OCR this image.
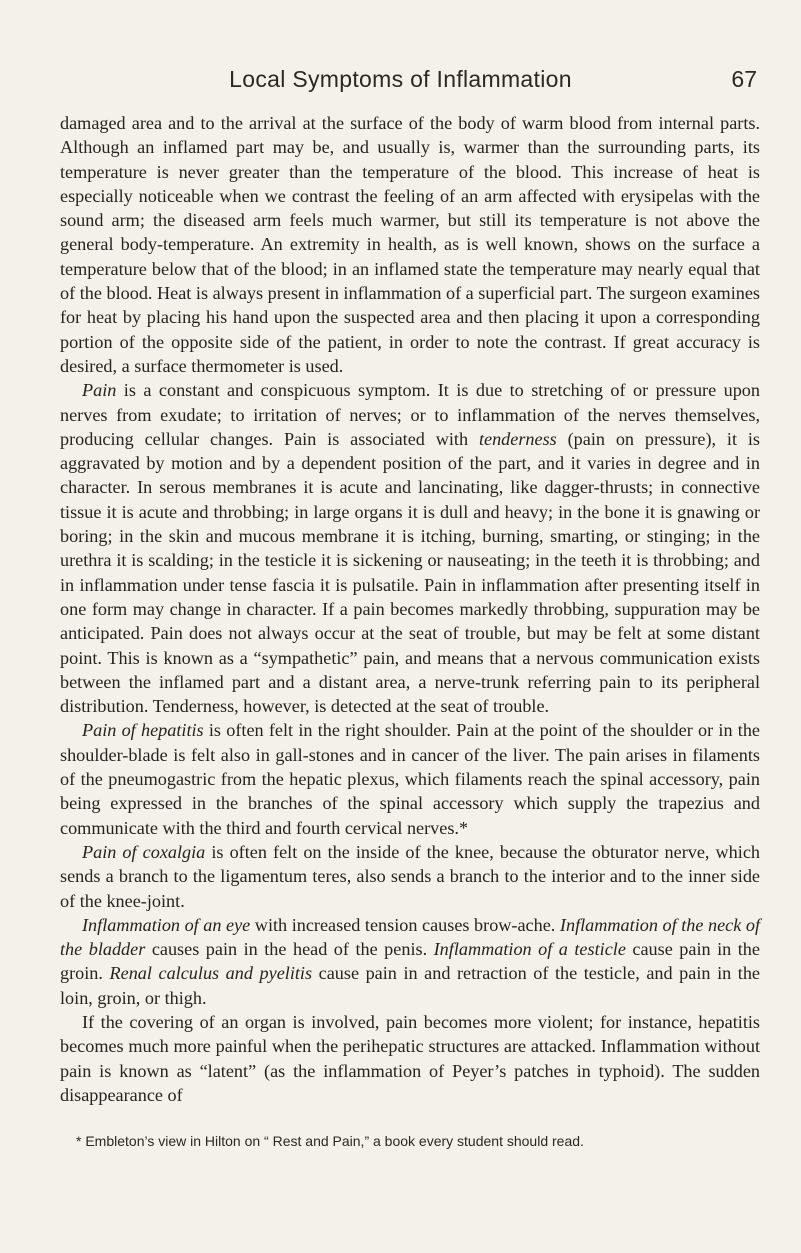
Local Symptoms of Inflammation	67

damaged area and to the arrival at the surface of the body of warm blood from internal parts. Although an inflamed part may be, and usually is, warmer than the surrounding parts, its temperature is never greater than the temperature of the blood. This increase of heat is especially noticeable when we contrast the feeling of an arm affected with erysipelas with the sound arm; the diseased arm feels much warmer, but still its temperature is not above the general body-temperature. An extremity in health, as is well known, shows on the surface a temperature below that of the blood; in an inflamed state the temperature may nearly equal that of the blood. Heat is always present in inflammation of a superficial part. The surgeon examines for heat by placing his hand upon the suspected area and then placing it upon a corresponding portion of the opposite side of the patient, in order to note the contrast. If great accuracy is desired, a surface thermometer is used.

Pain is a constant and conspicuous symptom. It is due to stretching of or pressure upon nerves from exudate; to irritation of nerves; or to inflammation of the nerves themselves, producing cellular changes. Pain is associated with tenderness (pain on pressure), it is aggravated by motion and by a dependent position of the part, and it varies in degree and in character. In serous membranes it is acute and lancinating, like dagger-thrusts; in connective tissue it is acute and throbbing; in large organs it is dull and heavy; in the bone it is gnawing or boring; in the skin and mucous membrane it is itching, burning, smarting, or stinging; in the urethra it is scalding; in the testicle it is sickening or nauseating; in the teeth it is throbbing; and in inflammation under tense fascia it is pulsatile. Pain in inflammation after presenting itself in one form may change in character. If a pain becomes markedly throbbing, suppuration may be anticipated. Pain does not always occur at the seat of trouble, but may be felt at some distant point. This is known as a “sympathetic” pain, and means that a nervous communication exists between the inflamed part and a distant area, a nerve-trunk referring pain to its peripheral distribution. Tenderness, however, is detected at the seat of trouble.

Pain of hepatitis is often felt in the right shoulder. Pain at the point of the shoulder or in the shoulder-blade is felt also in gall-stones and in cancer of the liver. The pain arises in filaments of the pneumogastric from the hepatic plexus, which filaments reach the spinal accessory, pain being expressed in the branches of the spinal accessory which supply the trapezius and communicate with the third and fourth cervical nerves.*

Pain of coxalgia is often felt on the inside of the knee, because the obturator nerve, which sends a branch to the ligamentum teres, also sends a branch to the interior and to the inner side of the knee-joint.

Inflammation of an eye with increased tension causes brow-ache. Inflammation of the neck of the bladder causes pain in the head of the penis. Inflammation of a testicle cause pain in the groin. Renal calculus and pyelitis cause pain in and retraction of the testicle, and pain in the loin, groin, or thigh.

If the covering of an organ is involved, pain becomes more violent; for instance, hepatitis becomes much more painful when the perihepatic structures are attacked. Inflammation without pain is known as “latent” (as the inflammation of Peyer’s patches in typhoid). The sudden disappearance of

* Embleton’s view in Hilton on “ Rest and Pain,” a book every student should read.
